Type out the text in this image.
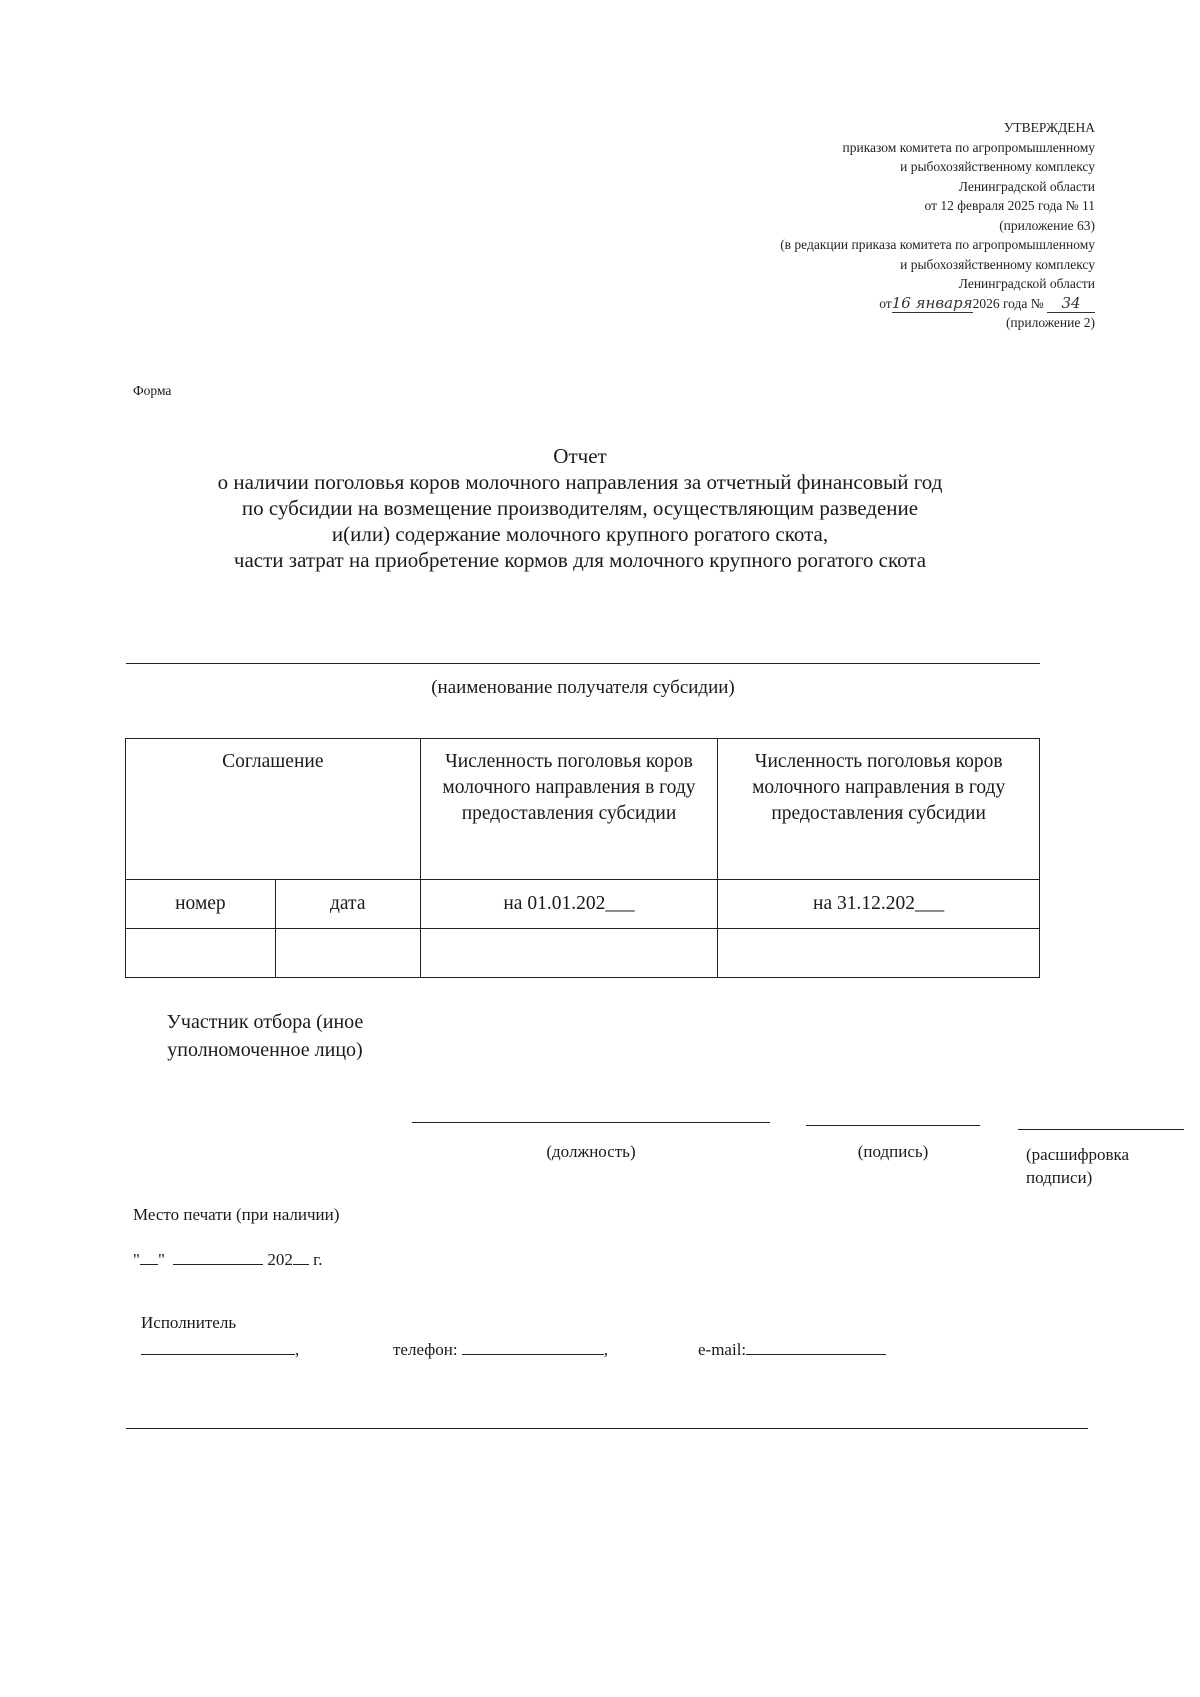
УТВЕРЖДЕНА
приказом комитета по агропромышленному
и рыбохозяйственному комплексу
Ленинградской области
от 12 февраля 2025 года № 11
(приложение 63)
(в редакции приказа комитета по агропромышленному
и рыбохозяйственному комплексу
Ленинградской области
от16 января2026 года № 34
(приложение 2)
Форма
Отчет
о наличии поголовья коров молочного направления за отчетный финансовый год
по субсидии на возмещение производителям, осуществляющим разведение
и(или) содержание молочного крупного рогатого скота,
части затрат на приобретение кормов для молочного крупного рогатого скота
(наименование получателя субсидии)
Соглашение		Численность поголовья коров молочного направления в году предоставления субсидии	Численность поголовья коров молочного направления в году предоставления субсидии
номер	дата	на 01.01.202___	на 31.12.202___

Участник отбора (иное уполномоченное лицо)
(должность)	(подпись)	(расшифровка подписи)
Место печати (при наличии)
" "	202 г.
Исполнитель
,	телефон:	,	e-mail:
